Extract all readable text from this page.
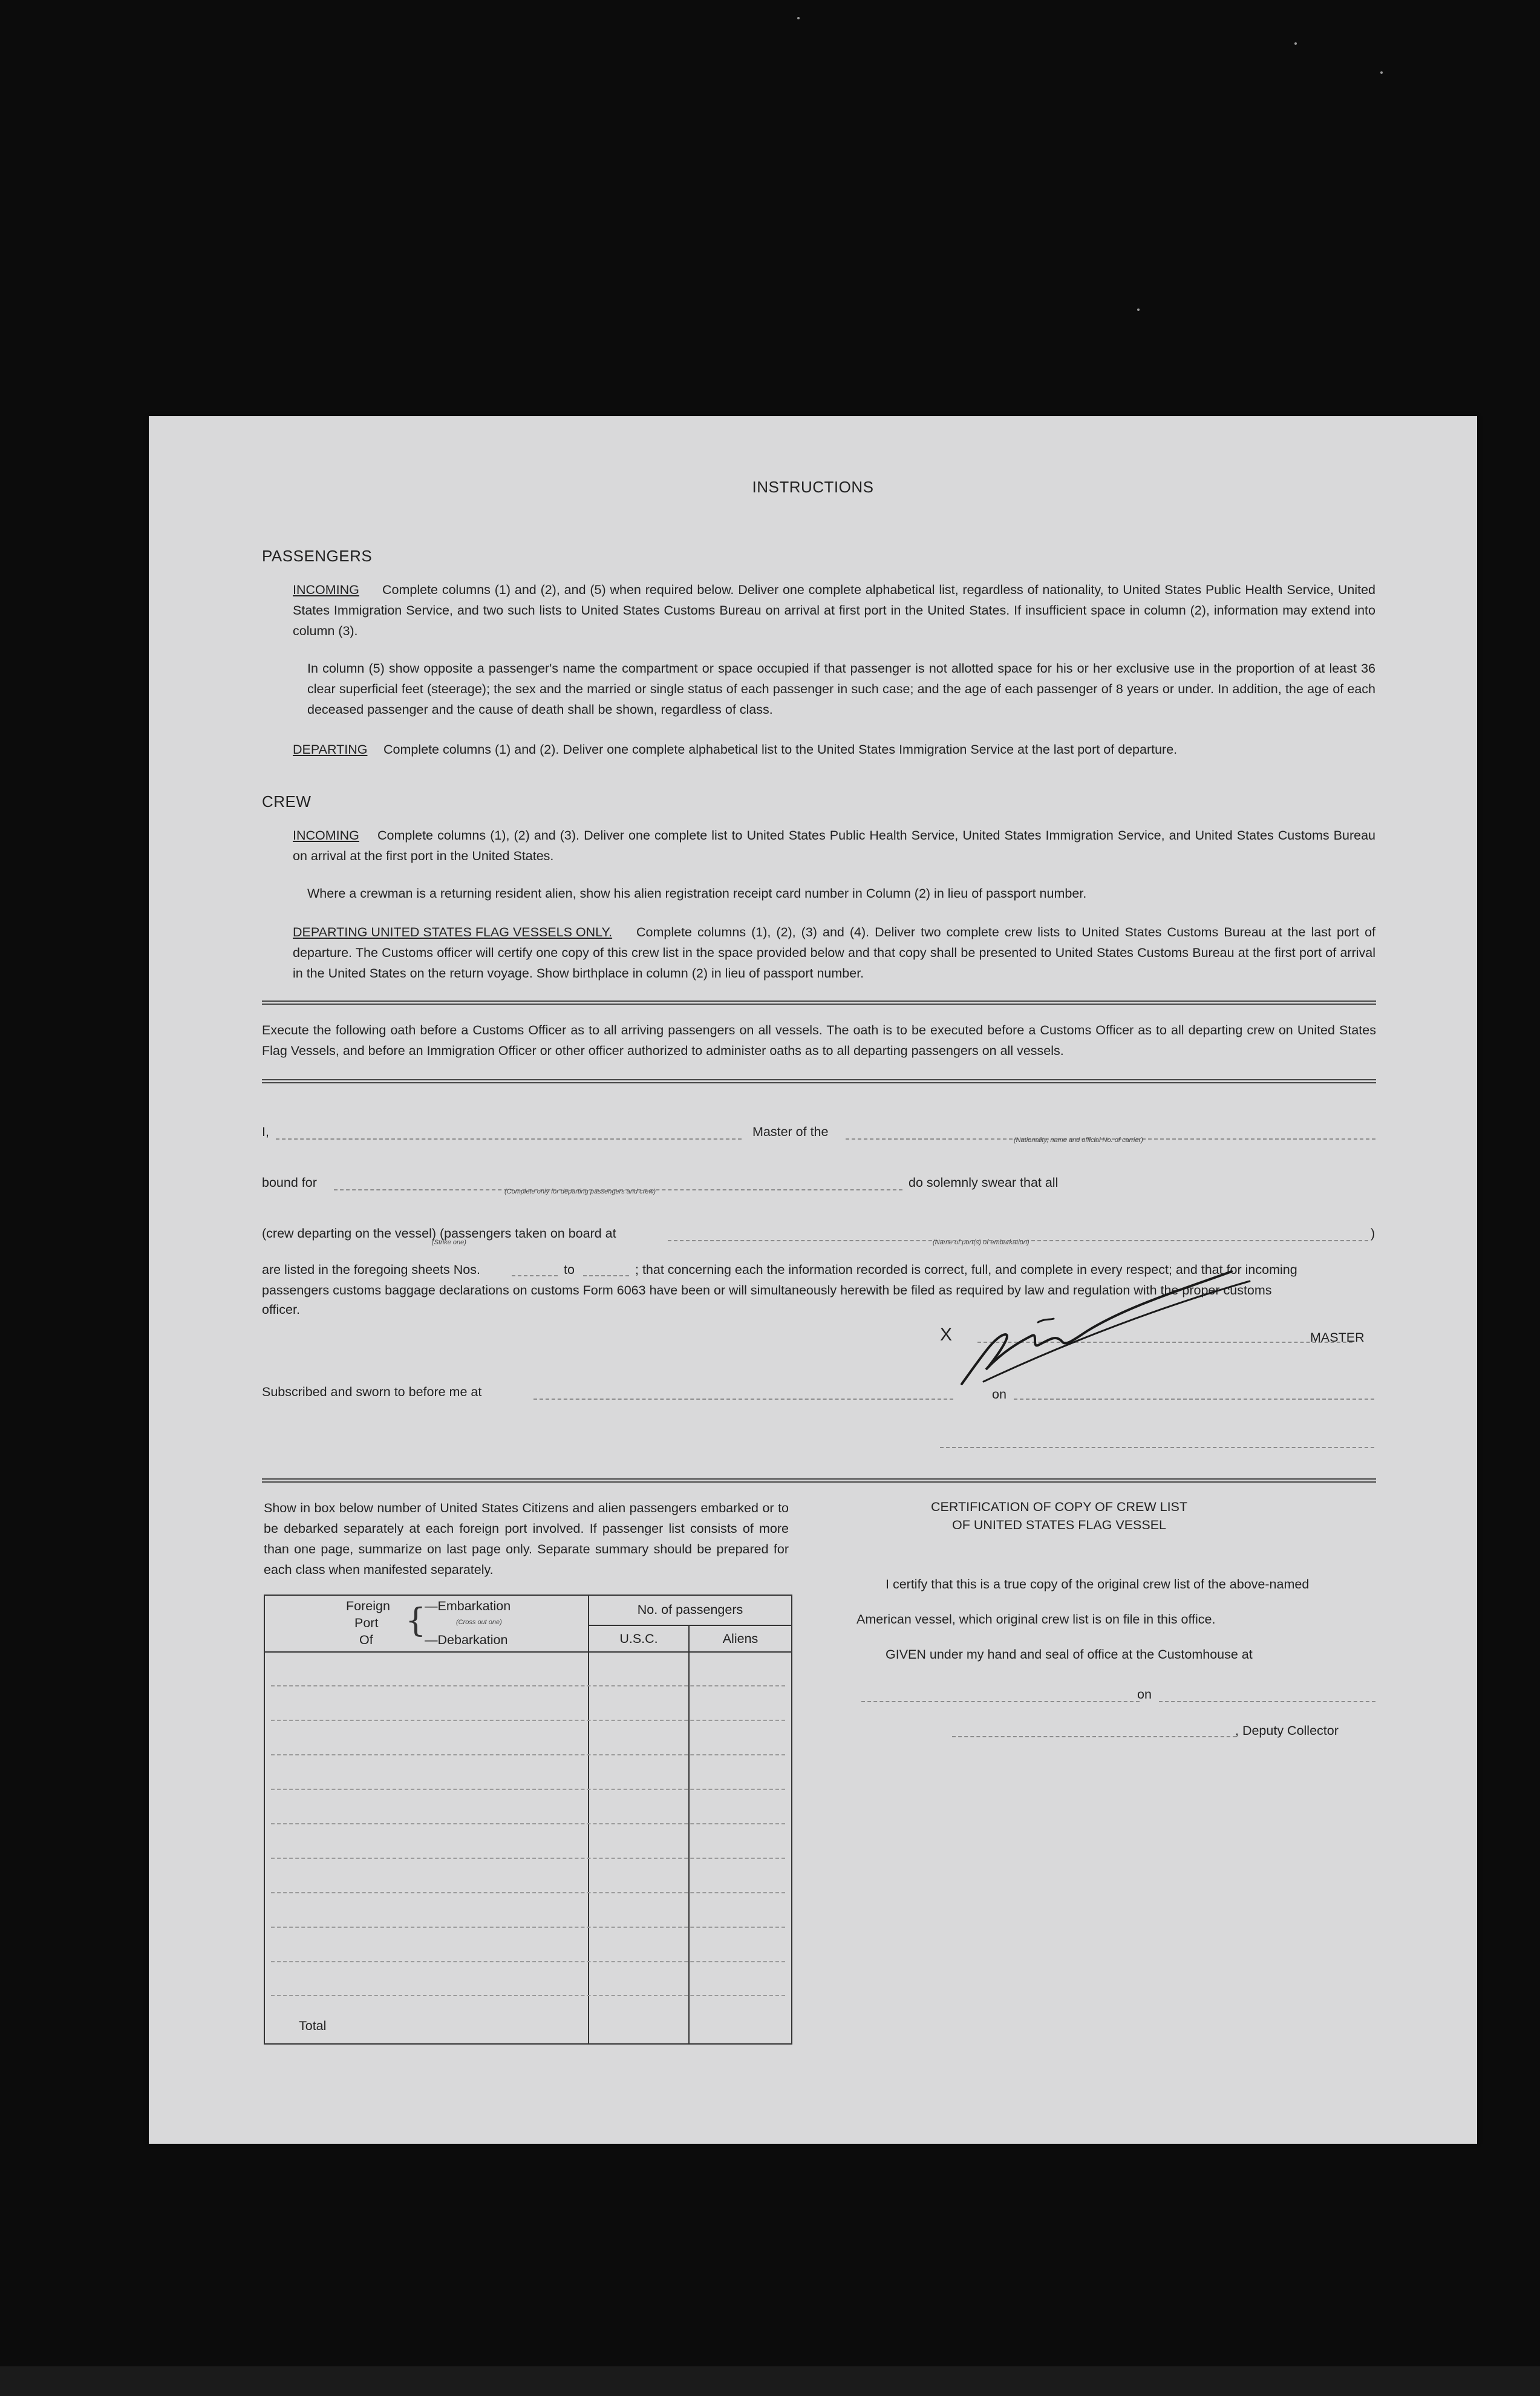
INSTRUCTIONS
PASSENGERS
INCOMING	Complete columns (1) and (2), and (5) when required below. Deliver one complete alphabetical list, regardless of nationality, to United States Public Health Service, United States Immigration Service, and two such lists to United States Customs Bureau on arrival at first port in the United States. If insufficient space in column (2), information may extend into column (3).
In column (5) show opposite a passenger's name the compartment or space occupied if that passenger is not allotted space for his or her exclusive use in the proportion of at least 36 clear superficial feet (steerage); the sex and the married or single status of each passenger in such case; and the age of each passenger of 8 years or under. In addition, the age of each deceased passenger and the cause of death shall be shown, regardless of class.
DEPARTING Complete columns (1) and (2). Deliver one complete alphabetical list to the United States Immigration Service at the last port of departure.
CREW
INCOMING	Complete columns (1), (2) and (3). Deliver one complete list to United States Public Health Service, United States Immigration Service, and United States Customs Bureau on arrival at the first port in the United States.
Where a crewman is a returning resident alien, show his alien registration receipt card number in Column (2) in lieu of passport number.
DEPARTING UNITED STATES FLAG VESSELS ONLY.	Complete columns (1), (2), (3) and (4). Deliver two complete crew lists to United States Customs Bureau at the last port of departure. The Customs officer will certify one copy of this crew list in the space provided below and that copy shall be presented to United States Customs Bureau at the first port of arrival in the United States on the return voyage. Show birthplace in column (2) in lieu of passport number.
Execute the following oath before a Customs Officer as to all arriving passengers on all vessels. The oath is to be executed before a Customs Officer as to all departing crew on United States Flag Vessels, and before an Immigration Officer or other officer authorized to administer oaths as to all departing passengers on all vessels.
I,	Master of the
(Nationality, name and official No. of carrier)
bound for
(Complete only for departing passengers and crew)
do solemnly swear that all
(crew departing on the vessel) (passengers taken on board at
(Strike one)	(Name of port(s) of embarkation)
)
are listed in the foregoing sheets Nos.	to	; that concerning each the information recorded is correct, full, and complete in every respect; and that for incoming
passengers customs baggage declarations on customs Form 6063 have been or will simultaneously herewith be filed as required by law and regulation with the proper customs
officer.
X	MASTER
Subscribed and sworn to before me at	on
Show in box below number of United States Citizens and alien passengers embarked or to be debarked separately at each foreign port involved. If passenger list consists of more than one page, summarize on last page only. Separate summary should be prepared for each class when manifested separately.
Foreign
Port
Of
{
—Embarkation
(Cross out one)
—Debarkation
No. of passengers
U.S.C.	Aliens
Total
CERTIFICATION OF COPY OF CREW LIST
OF UNITED STATES FLAG VESSEL
I certify that this is a true copy of the original crew list of the above-named
American vessel, which original crew list is on file in this office.
GIVEN under my hand and seal of office at the Customhouse at
on
, Deputy Collector
